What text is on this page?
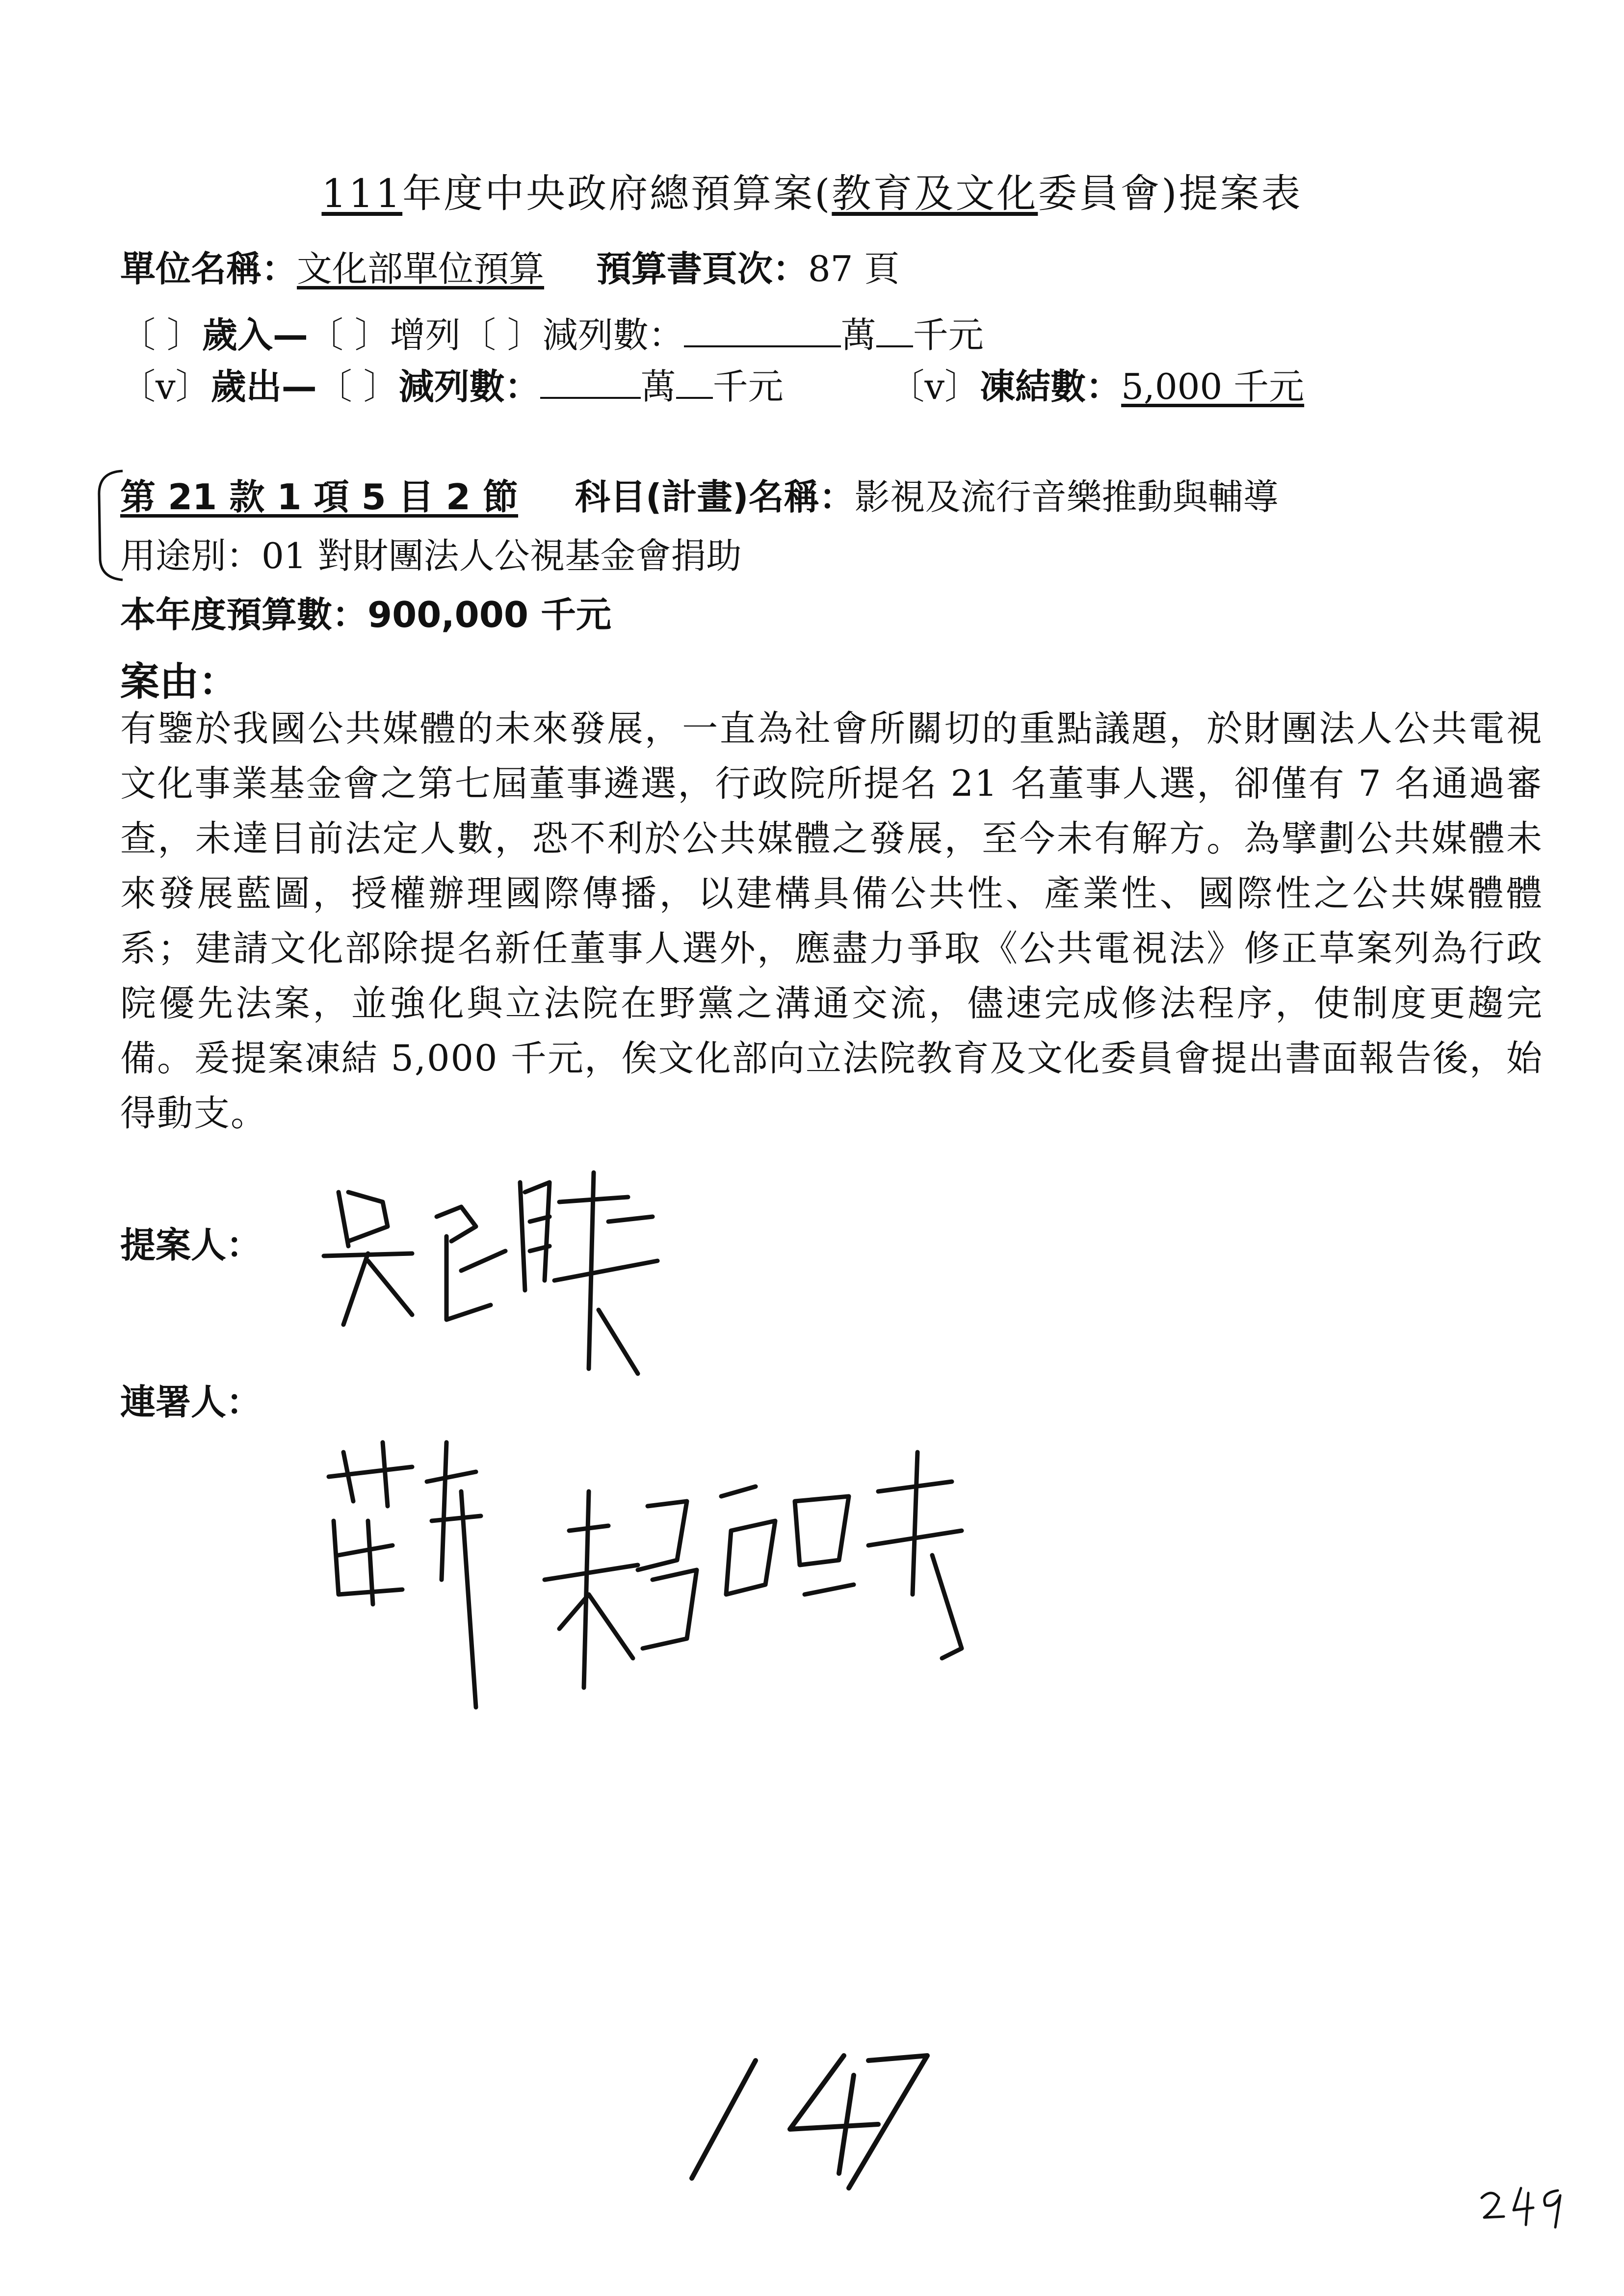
111年度中央政府總預算案(教育及文化委員會)提案表
單位名稱：文化部單位預算 預算書頁次：87 頁
〔 〕歲入—〔 〕增列〔 〕減列數：	萬 千元
〔v〕歲出—〔 〕減列數：	萬 千元	〔v〕凍結數：5,000 千元
第 21 款 1 項 5 目 2 節 科目(計畫)名稱：影視及流行音樂推動與輔導
用途別：01 對財團法人公視基金會捐助
本年度預算數：900,000 千元
案由：
有鑒於我國公共媒體的未來發展，一直為社會所關切的重點議題，於財團法人公共電視文化事業基金會之第七屆董事遴選，行政院所提名 21 名董事人選，卻僅有 7 名通過審查，未達目前法定人數，恐不利於公共媒體之發展，至今未有解方。為擘劃公共媒體未來發展藍圖，授權辦理國際傳播，以建構具備公共性、產業性、國際性之公共媒體體系；建請文化部除提名新任董事人選外，應盡力爭取《公共電視法》修正草案列為行政院優先法案，並強化與立法院在野黨之溝通交流，儘速完成修法程序，使制度更趨完備。爰提案凍結 5,000 千元，俟文化部向立法院教育及文化委員會提出書面報告後，始得動支。
提案人：
連署人：
